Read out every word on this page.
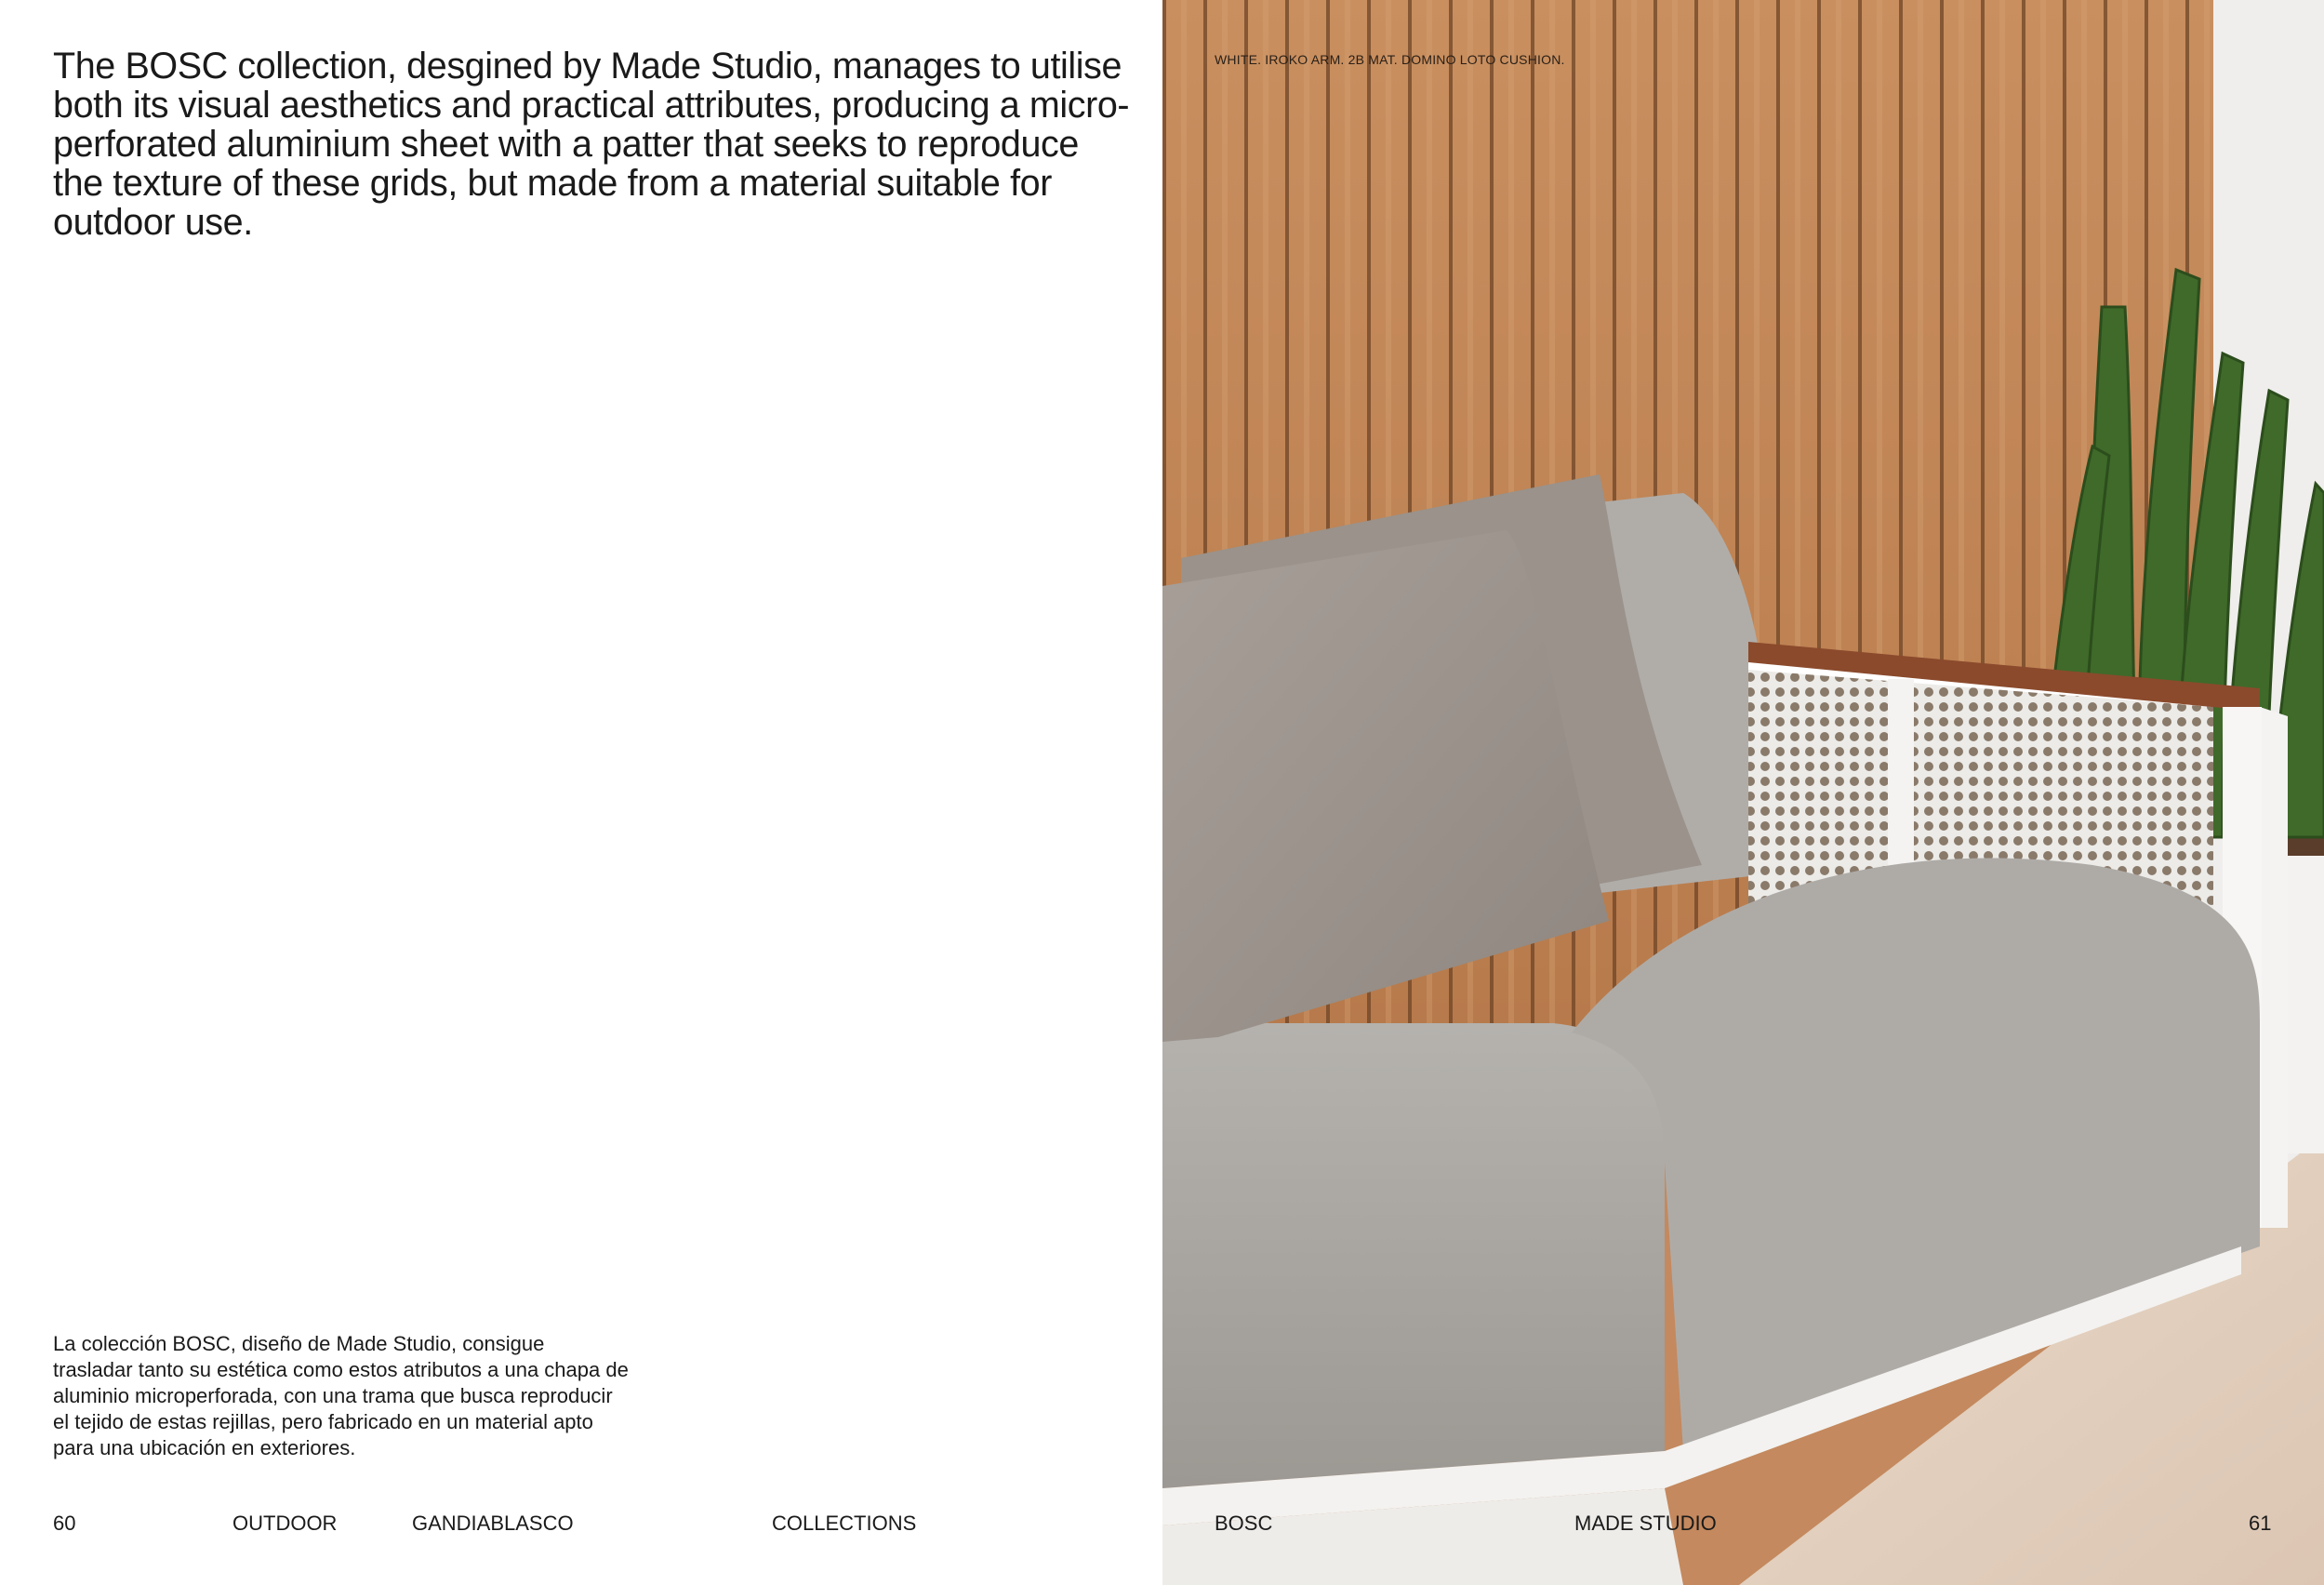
The BOSC collection, desgined by Made Studio, manages to utilise both its visual aesthetics and practical attributes, producing a micro-perforated aluminium sheet with a patter that seeks to reproduce the texture of these grids, but made from a material suitable for outdoor use.

La colección BOSC, diseño de Made Studio, consigue trasladar tanto su estética como estos atributos a una chapa de aluminio microperforada, con una trama que busca reproducir el tejido de estas rejillas, pero fabricado en un material apto para una ubicación en exteriores.

WHITE. IROKO ARM. 2B MAT. DOMINO LOTO CUSHION.
60	OUTDOOR	GANDIABLASCO	COLLECTIONS	BOSC	MADE STUDIO	61
